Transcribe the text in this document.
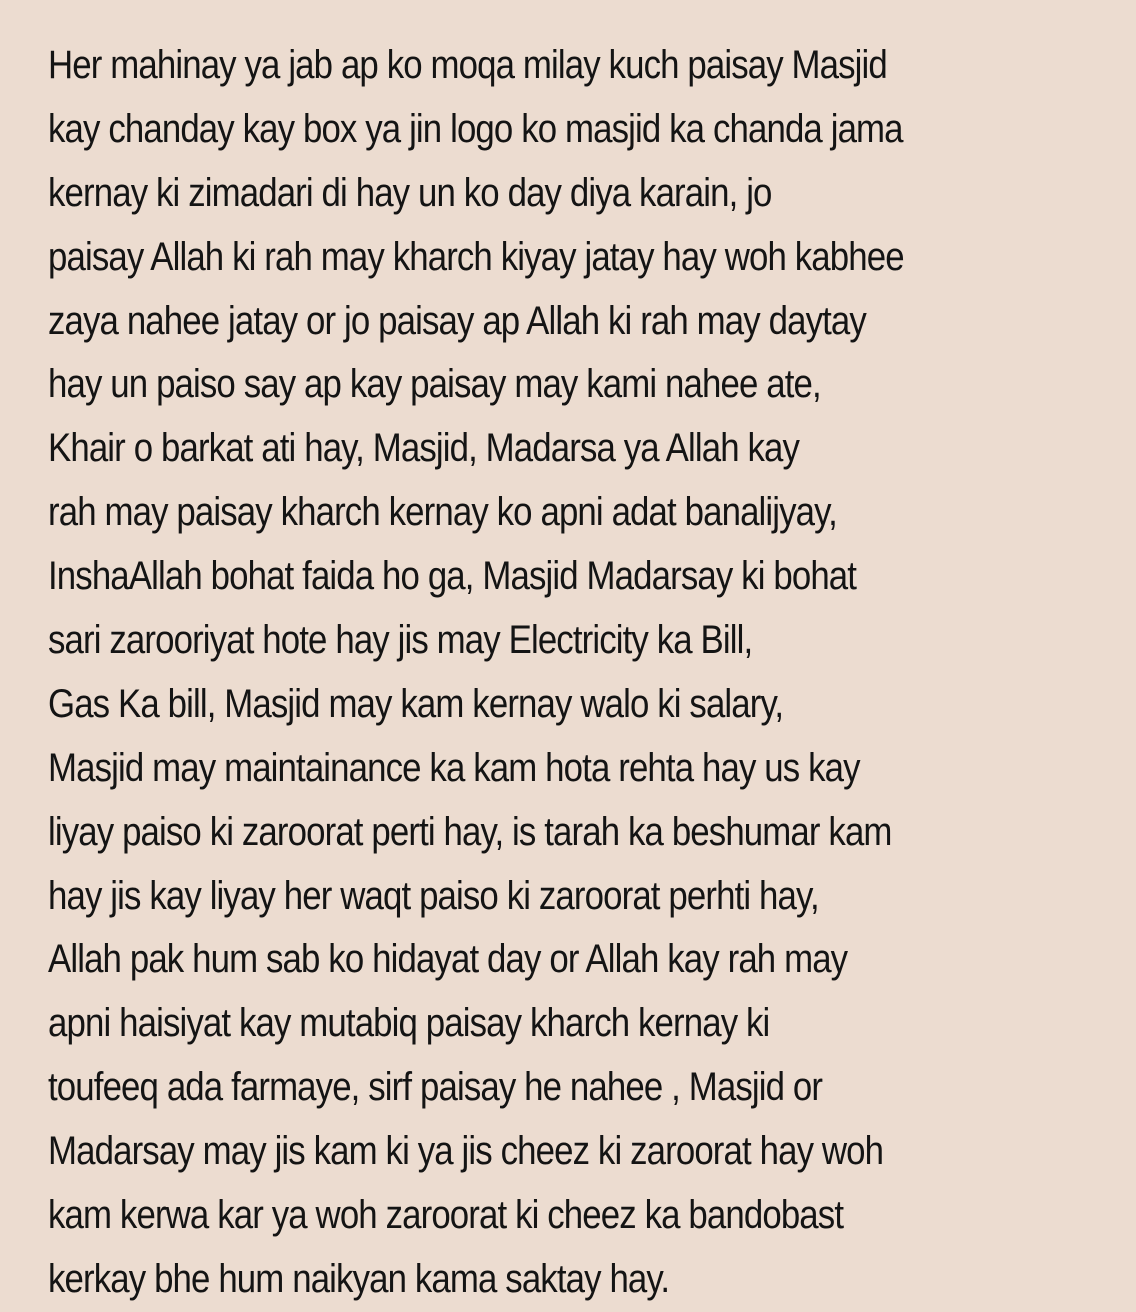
Her mahinay ya jab ap ko moqa milay kuch paisay Masjid
kay chanday kay box ya jin logo ko masjid ka chanda jama
kernay ki zimadari di hay un ko day diya karain, jo
paisay Allah ki rah may kharch kiyay jatay hay woh kabhee
zaya nahee jatay or jo paisay ap Allah ki rah may daytay
hay un paiso say ap kay paisay may kami nahee ate,
Khair o barkat ati hay, Masjid, Madarsa ya Allah kay
rah may paisay kharch kernay ko apni adat banalijyay,
InshaAllah bohat faida ho ga, Masjid Madarsay ki bohat
sari zarooriyat hote hay jis may Electricity ka Bill,
Gas Ka bill, Masjid may kam kernay walo ki salary,
Masjid may maintainance ka kam hota rehta hay us kay
liyay paiso ki zaroorat perti hay, is tarah ka beshumar kam
hay jis kay liyay her waqt paiso ki zaroorat perhti hay,
Allah pak hum sab ko hidayat day or Allah kay rah may
apni haisiyat kay mutabiq paisay kharch kernay ki
toufeeq ada farmaye, sirf paisay he nahee , Masjid or
Madarsay may jis kam ki ya jis cheez ki zaroorat hay woh
kam kerwa kar ya woh zaroorat ki cheez ka bandobast
kerkay bhe hum naikyan kama saktay hay.
